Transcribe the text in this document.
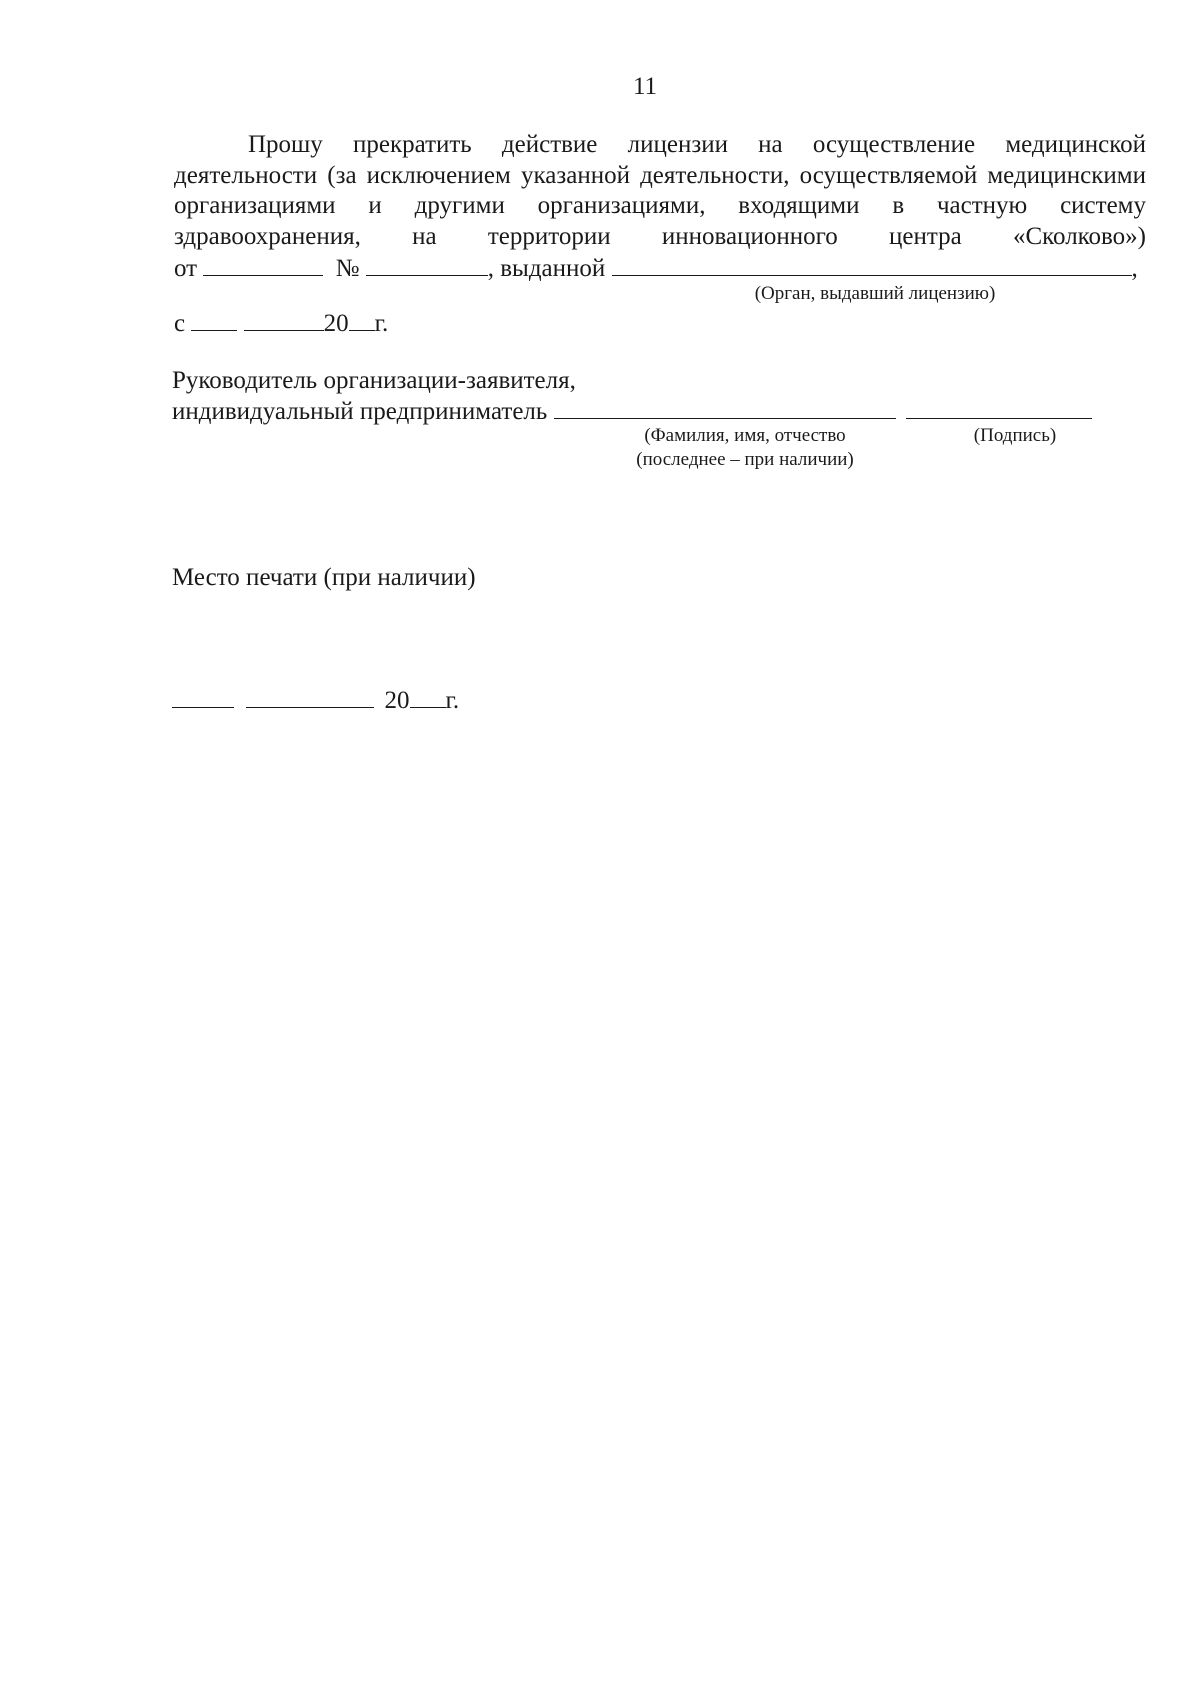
11
Прошу прекратить действие лицензии на осуществление медицинской деятельности (за исключением указанной деятельности, осуществляемой медицинскими организациями и другими организациями, входящими в частную систему здравоохранения, на территории инновационного центра «Сколково»)
от	№	, выданной	,
(Орган, выдавший лицензию)
с	20 г.
Руководитель организации-заявителя,
индивидуальный предприниматель
(Фамилия, имя, отчество
(последнее – при наличии)
(Подпись)
Место печати (при наличии)
20 г.
